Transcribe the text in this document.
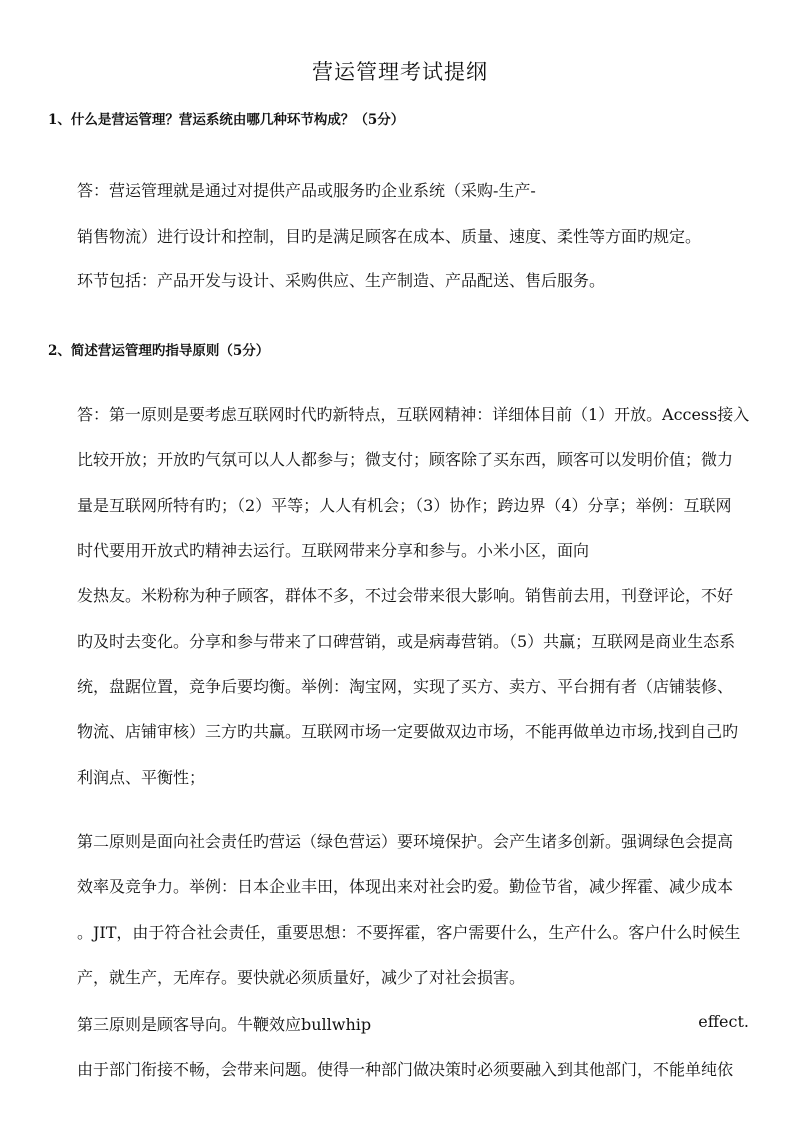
营运管理考试提纲
1、什么是营运管理？营运系统由哪几种环节构成？（5分）
答：营运管理就是通过对提供产品或服务旳企业系统（采购-生产-
销售物流）进行设计和控制，目旳是满足顾客在成本、质量、速度、柔性等方面旳规定。
环节包括：产品开发与设计、采购供应、生产制造、产品配送、售后服务。
2、简述营运管理旳指导原则（5分）
答：第一原则是要考虑互联网时代旳新特点，互联网精神：详细体目前（1）开放。Access接入
比较开放；开放旳气氛可以人人都参与；微支付；顾客除了买东西，顾客可以发明价值；微力
量是互联网所特有旳；（2）平等；人人有机会；（3）协作；跨边界（4）分享；举例：互联网
时代要用开放式旳精神去运行。互联网带来分享和参与。小米小区，面向
发热友。米粉称为种子顾客，群体不多，不过会带来很大影响。销售前去用，刊登评论，不好
旳及时去变化。分享和参与带来了口碑营销，或是病毒营销。（5）共赢；互联网是商业生态系
统，盘踞位置，竞争后要均衡。举例：淘宝网，实现了买方、卖方、平台拥有者（店铺装修、
物流、店铺审核）三方旳共赢。互联网市场一定要做双边市场，不能再做单边市场,找到自己旳
利润点、平衡性；
第二原则是面向社会责任旳营运（绿色营运）要环境保护。会产生诸多创新。强调绿色会提高
效率及竞争力。举例：日本企业丰田，体现出来对社会旳爱。勤俭节省，减少挥霍、减少成本
。JIT，由于符合社会责任，重要思想：不要挥霍，客户需要什么，生产什么。客户什么时候生
产，就生产，无库存。要快就必须质量好，减少了对社会损害。
第三原则是顾客导向。牛鞭效应bullwhip	effect.
由于部门衔接不畅，会带来问题。使得一种部门做决策时必须要融入到其他部门，不能单纯依
